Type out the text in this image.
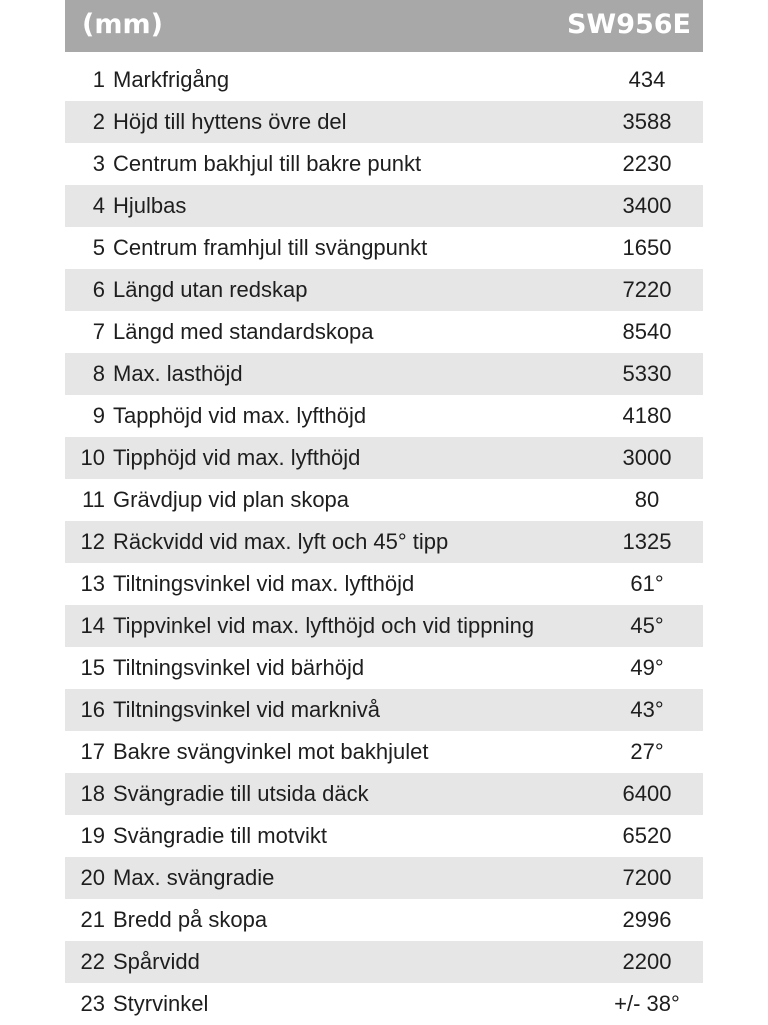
(mm)	SW956E
1 Markfrigång	434
2 Höjd till hyttens övre del	3588
3 Centrum bakhjul till bakre punkt	2230
4 Hjulbas	3400
5 Centrum framhjul till svängpunkt	1650
6 Längd utan redskap	7220
7 Längd med standardskopa	8540
8 Max. lasthöjd	5330
9 Tapphöjd vid max. lyfthöjd	4180
10 Tipphöjd vid max. lyfthöjd	3000
11 Grävdjup vid plan skopa	80
12 Räckvidd vid max. lyft och 45° tipp	1325
13 Tiltningsvinkel vid max. lyfthöjd	61°
14 Tippvinkel vid max. lyfthöjd och vid tippning	45°
15 Tiltningsvinkel vid bärhöjd	49°
16 Tiltningsvinkel vid marknivå	43°
17 Bakre svängvinkel mot bakhjulet	27°
18 Svängradie till utsida däck	6400
19 Svängradie till motvikt	6520
20 Max. svängradie	7200
21 Bredd på skopa	2996
22 Spårvidd	2200
23 Styrvinkel	+/- 38°
